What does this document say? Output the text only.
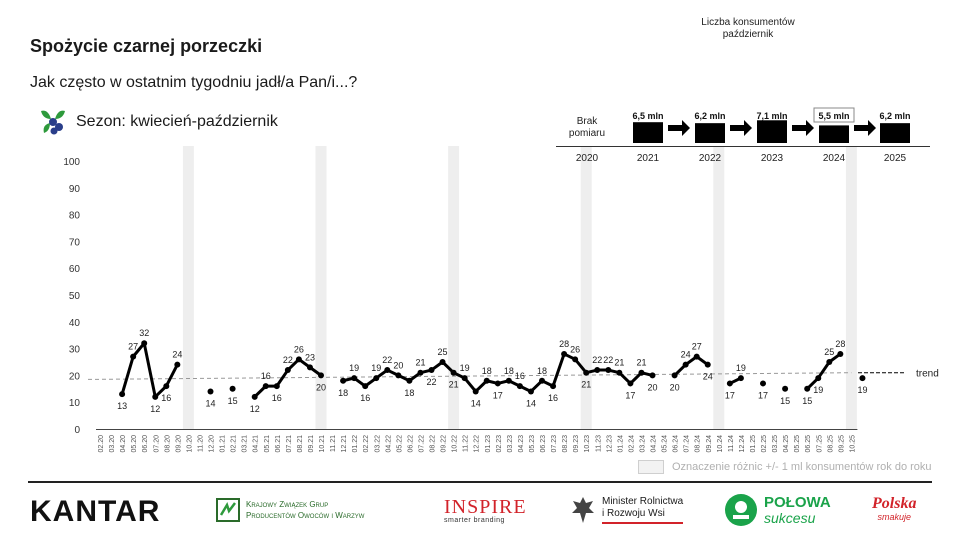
Spożycie czarnej porzeczki
Jak często w ostatnim tygodniu jadł/a Pan/i...?
Sezon: kwiecień-październik
Liczba konsumentów
październik
2020
Brak
pomiaru
2021
6,5 mln
2022
6,2 mln
2023
7,1 mln
2024
5,5 mln
2025
6,2 mln
0
10
20
30
40
50
60
70
80
90
100
02.20 03.20 04.20 05.20 06.20 07.20 08.20 09.20 10.20 11.20 12.20 01.21 02.21 03.21 04.21 05.21 06.21 07.21 08.21 09.21 10.21 11.21 12.21 01.22 02.22 03.22 04.22 05.22 06.22 07.22 08.22 09.22 10.22 11.22 12.22 01.23 02.23 03.23 04.23 05.23 06.23 07.23 08.23 09.23 10.23 11.23 12.23 01.24 02.24 03.24 04.24 05.24 06.24 07.24 08.24 09.24 10.24 11.24 12.24 01.25 02.25 03.25 04.25 05.25 06.25 07.25 08.25 09.25 10.25
trend
13
27
32
12
16
24
14 15
12
16
16
22
26
23
20
18
19
16
19
22
20
18
21
22
25
21
19
14
18
17
18
16
14
18
16
28
26
21
22 22 21
17
21
20 20
24
27
24
17
19
17
15 15
19
25
28
19
Oznaczenie różnic +/- 1 ml konsumentów rok do roku
KANTAR	Krajowy Związek Grup
Producentów Owoców i Warzyw	INSPIRE
smarter branding
Minister Rolnictwa
i Rozwoju Wsi
POŁOWA
sukcesu
Polska
smakuje
